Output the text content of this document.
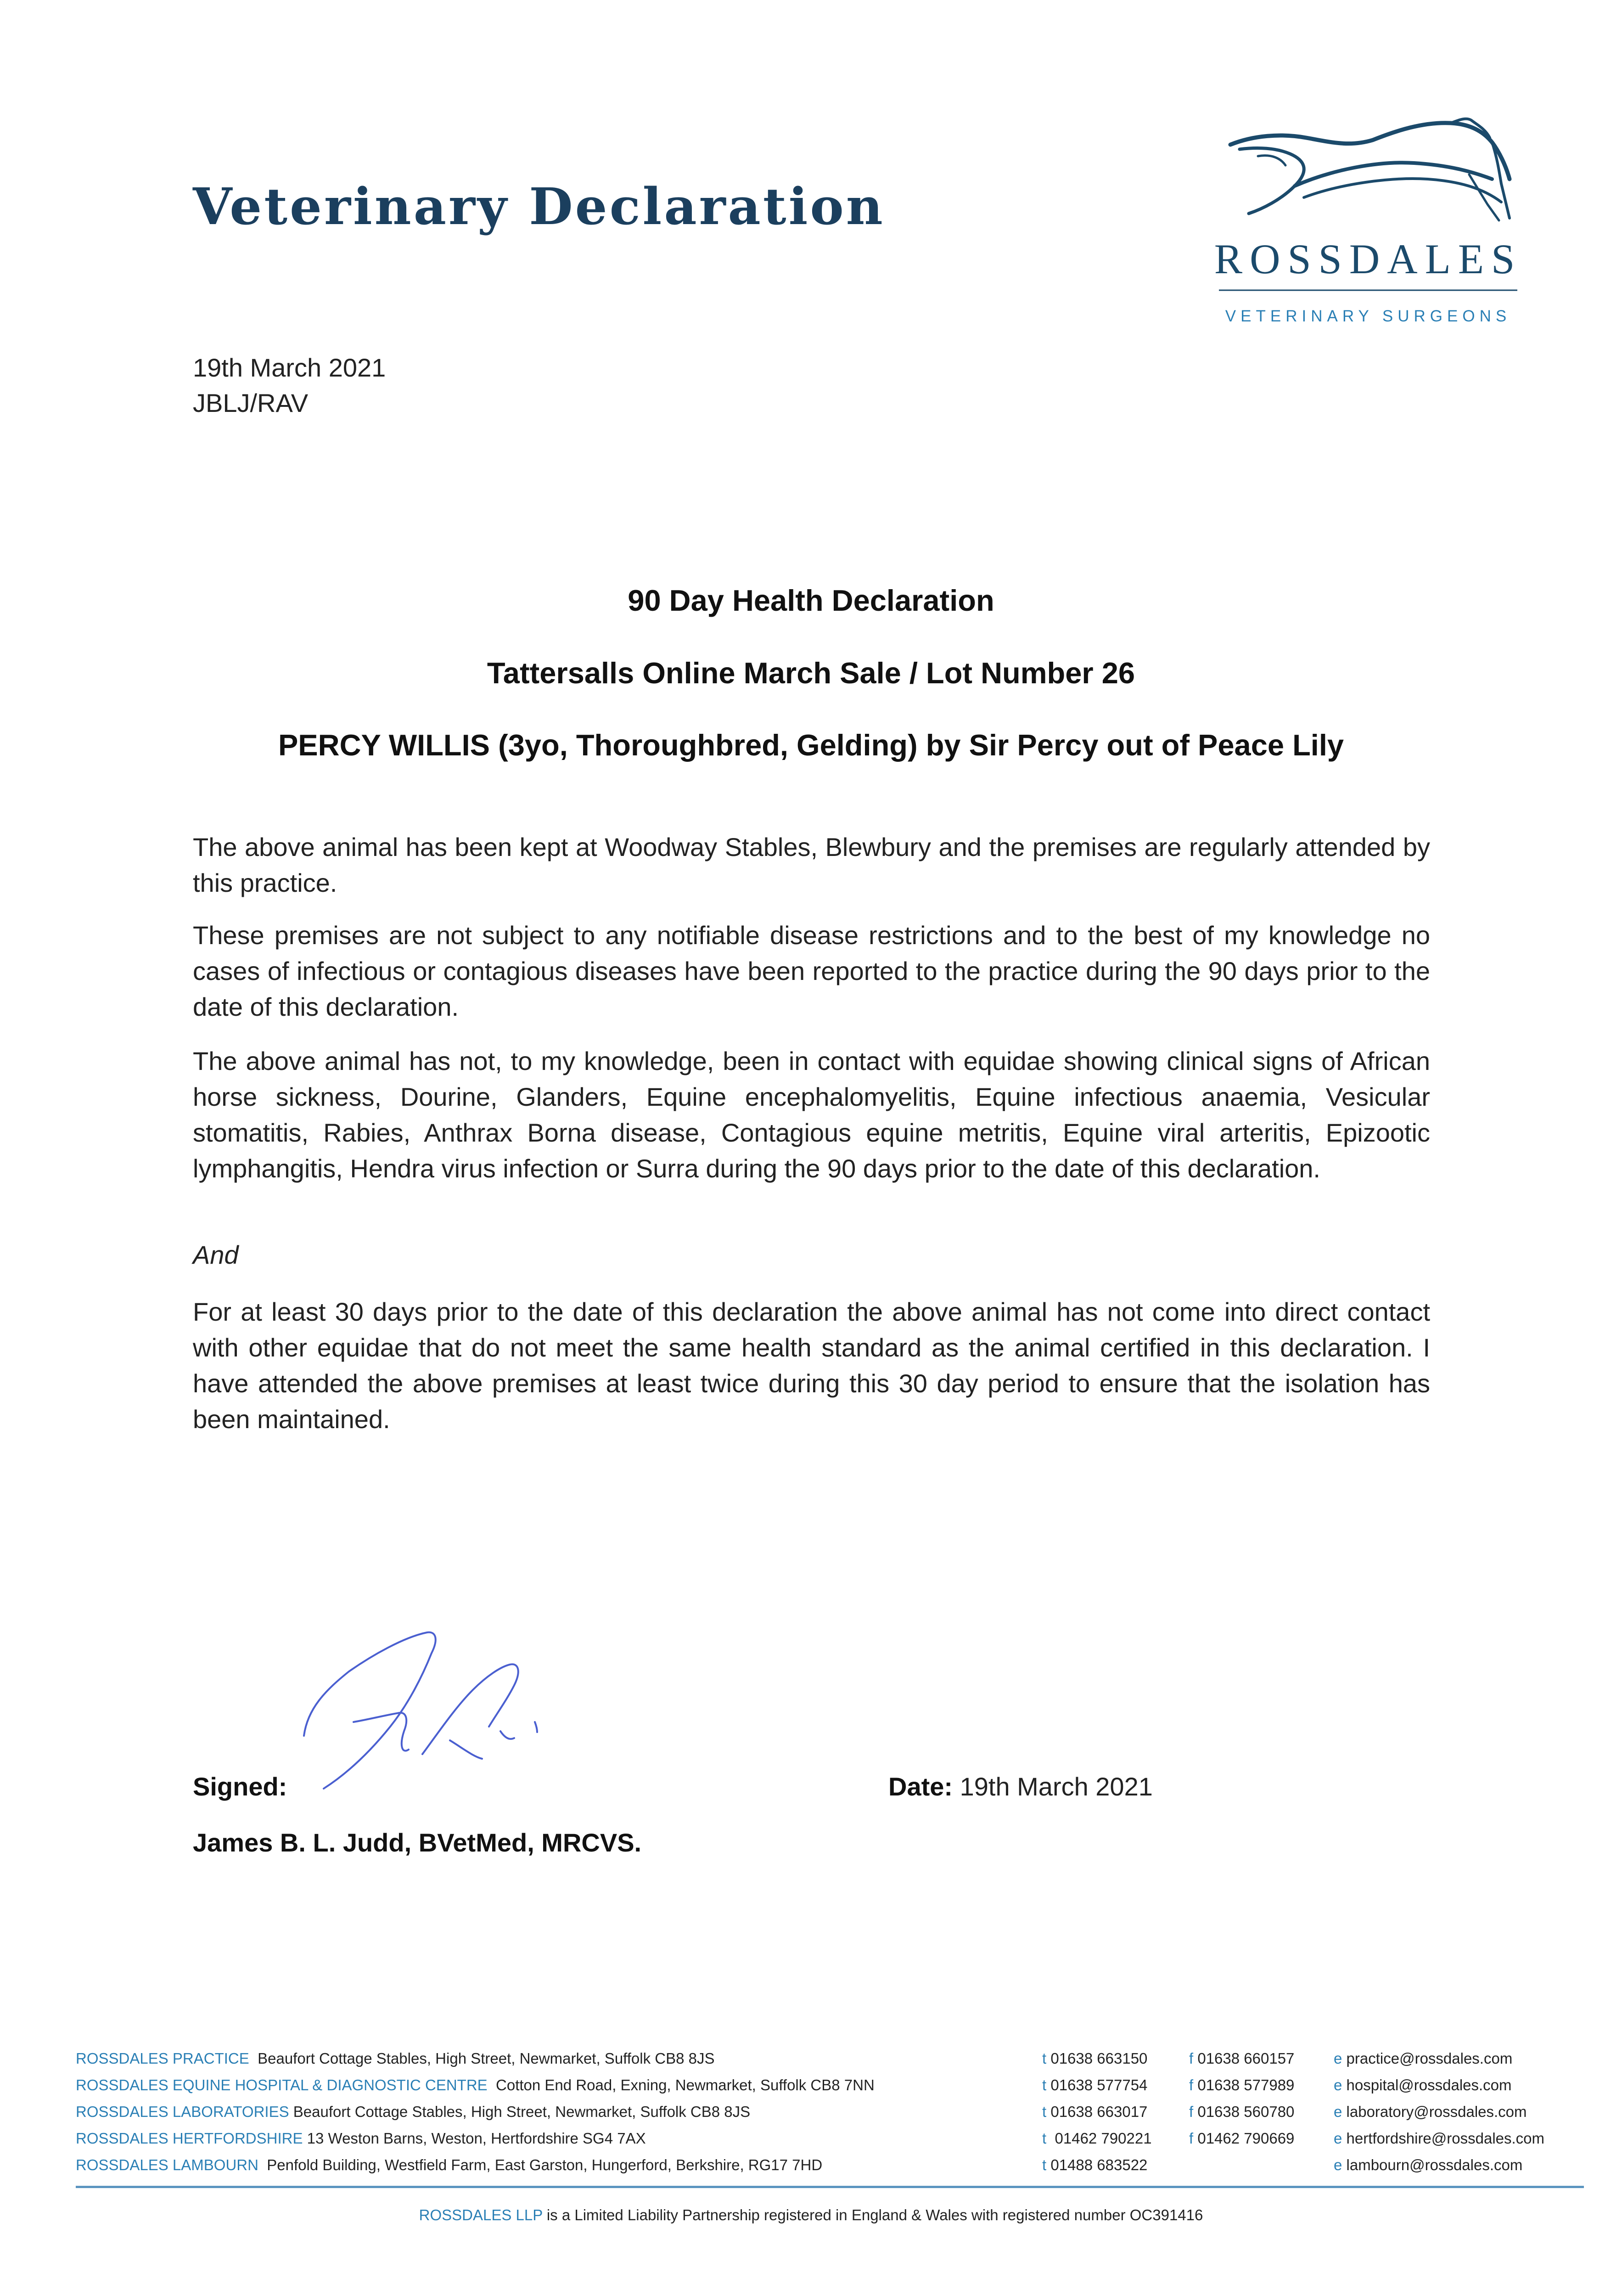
Veterinary Declaration
ROSSDALES
VETERINARY SURGEONS
19th March 2021
JBLJ/RAV
90 Day Health Declaration
Tattersalls Online March Sale / Lot Number 26
PERCY WILLIS (3yo, Thoroughbred, Gelding) by Sir Percy out of Peace Lily
The above animal has been kept at Woodway Stables, Blewbury and the premises are regularly attended by this practice.
These premises are not subject to any notifiable disease restrictions and to the best of my knowledge no cases of infectious or contagious diseases have been reported to the practice during the 90 days prior to the date of this declaration.
The above animal has not, to my knowledge, been in contact with equidae showing clinical signs of African horse sickness, Dourine, Glanders, Equine encephalomyelitis, Equine infectious anaemia, Vesicular stomatitis, Rabies, Anthrax Borna disease, Contagious equine metritis, Equine viral arteritis, Epizootic lymphangitis, Hendra virus infection or Surra during the 90 days prior to the date of this declaration.
And
For at least 30 days prior to the date of this declaration the above animal has not come into direct contact with other equidae that do not meet the same health standard as the animal certified in this declaration. I have attended the above premises at least twice during this 30 day period to ensure that the isolation has been maintained.
Signed:	Date: 19th March 2021
James B. L. Judd, BVetMed, MRCVS.
ROSSDALES PRACTICE Beaufort Cottage Stables, High Street, Newmarket, Suffolk CB8 8JS	t 01638 663150	f 01638 660157	e practice@rossdales.com
ROSSDALES EQUINE HOSPITAL & DIAGNOSTIC CENTRE Cotton End Road, Exning, Newmarket, Suffolk CB8 7NN	t 01638 577754	f 01638 577989	e hospital@rossdales.com
ROSSDALES LABORATORIES Beaufort Cottage Stables, High Street, Newmarket, Suffolk CB8 8JS	t 01638 663017	f 01638 560780	e laboratory@rossdales.com
ROSSDALES HERTFORDSHIRE 13 Weston Barns, Weston, Hertfordshire SG4 7AX	t 01462 790221 f 01462 790669	e hertfordshire@rossdales.com
ROSSDALES LAMBOURN Penfold Building, Westfield Farm, East Garston, Hungerford, Berkshire, RG17 7HD	t 01488 683522	e lambourn@rossdales.com
ROSSDALES LLP is a Limited Liability Partnership registered in England & Wales with registered number OC391416
